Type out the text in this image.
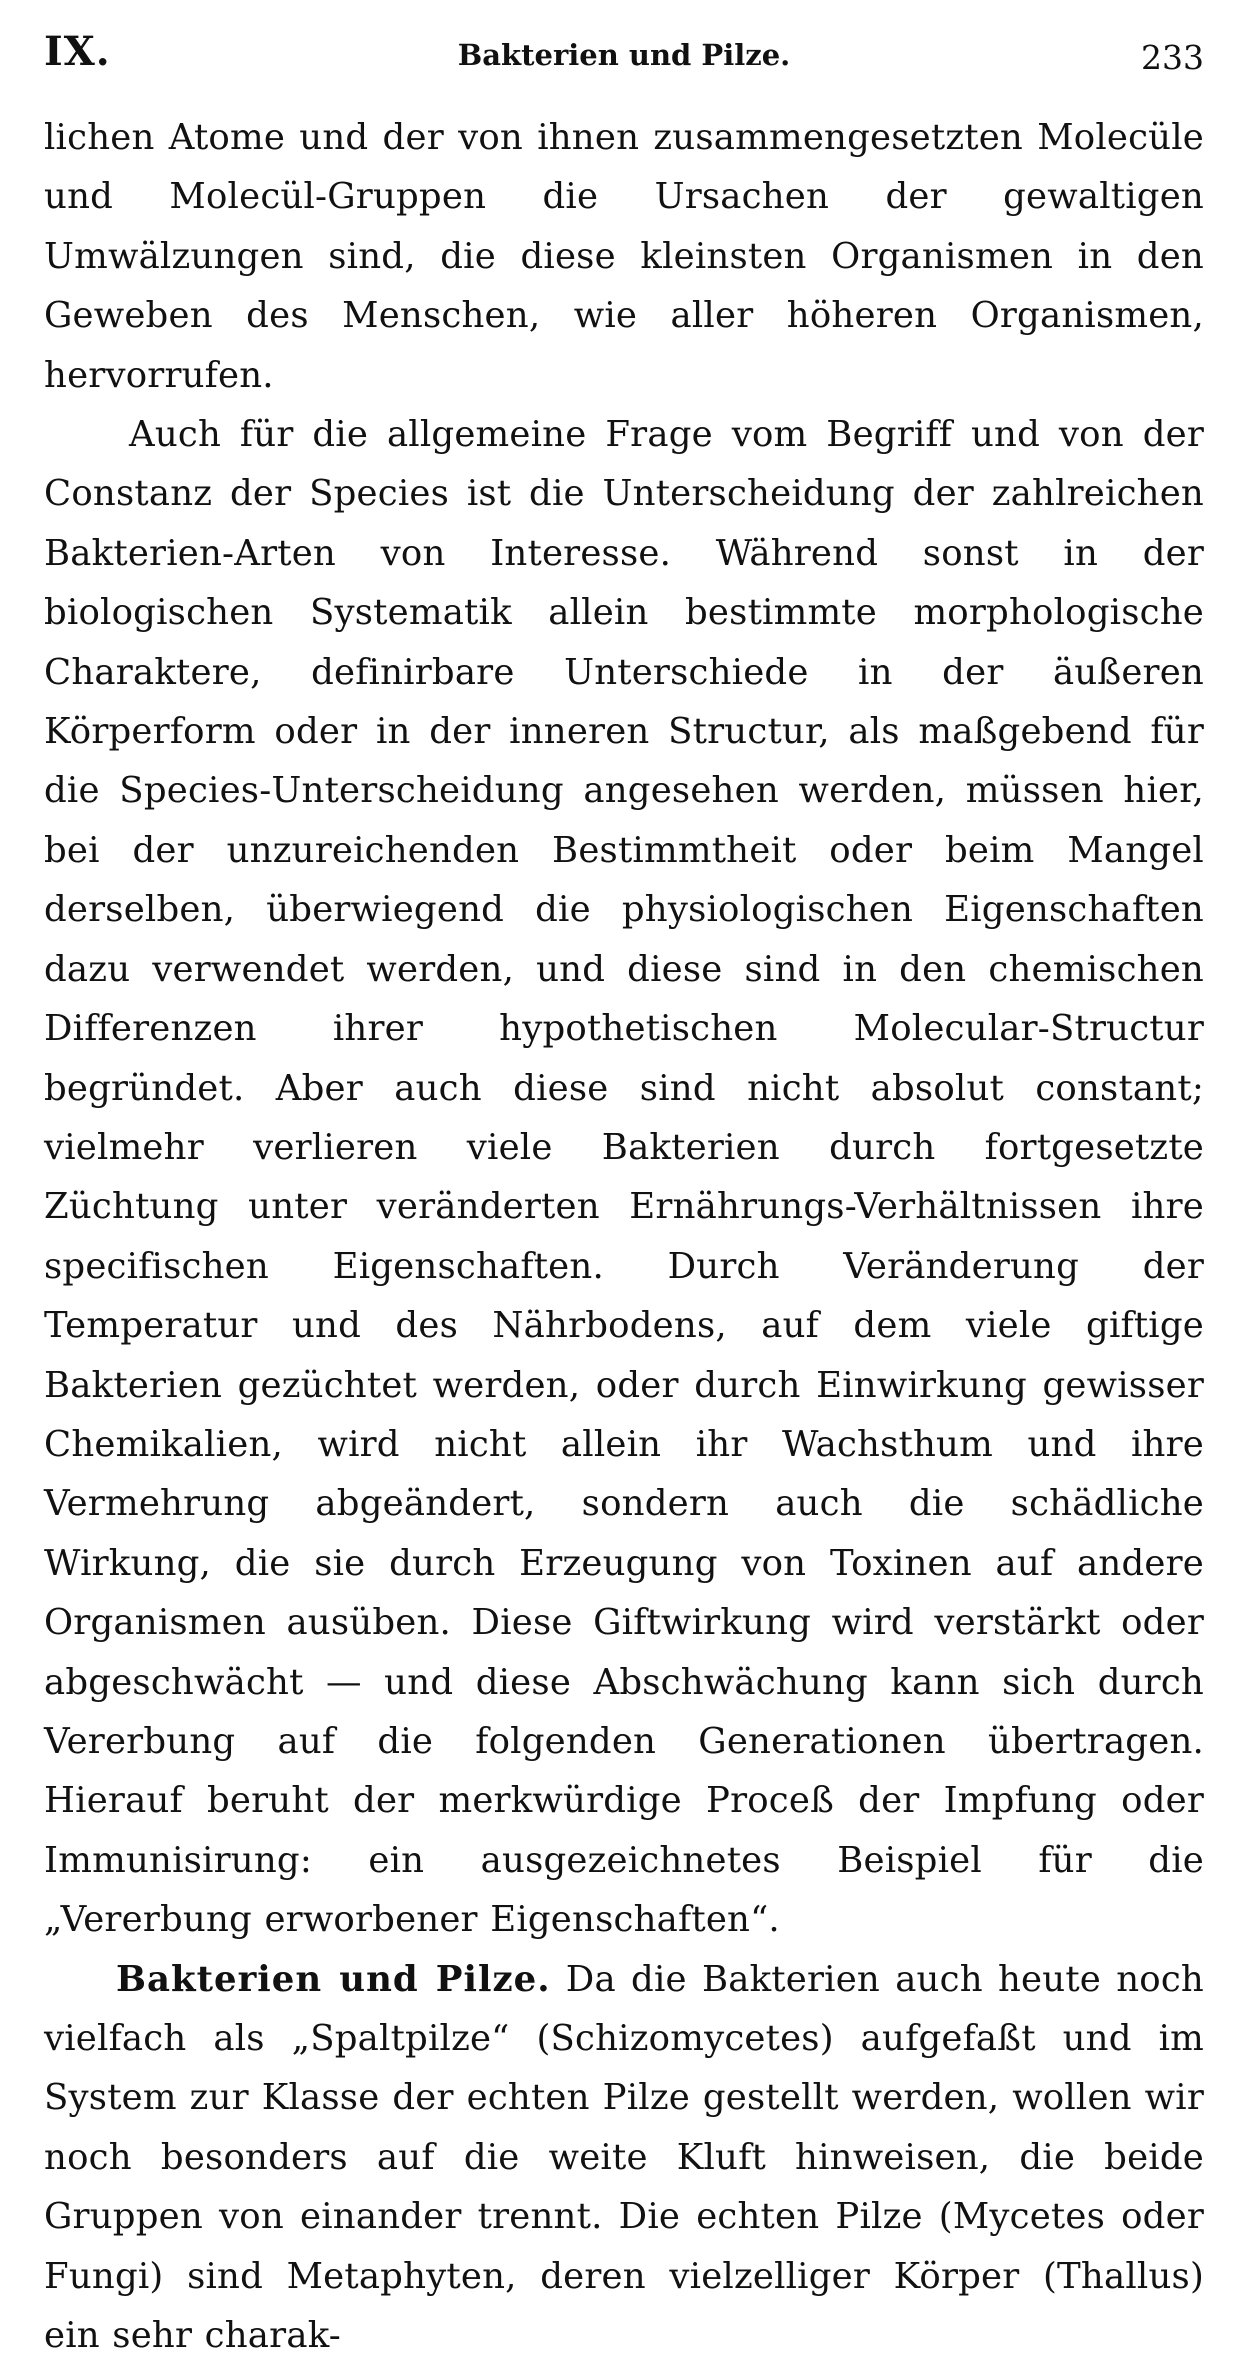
IX.	Bakterien und Pilze.	233

lichen Atome und der von ihnen zusammengesetzten Molecüle und Molecül-Gruppen die Ursachen der gewaltigen Umwälzungen sind, die diese kleinsten Organismen in den Geweben des Menschen, wie aller höheren Organismen, hervorrufen.

Auch für die allgemeine Frage vom Begriff und von der Constanz der Species ist die Unterscheidung der zahlreichen Bakterien-Arten von Interesse. Während sonst in der biologischen Systematik allein bestimmte morphologische Charaktere, definirbare Unterschiede in der äußeren Körperform oder in der inneren Structur, als maßgebend für die Species-Unterscheidung angesehen werden, müssen hier, bei der unzureichenden Bestimmtheit oder beim Mangel derselben, überwiegend die physiologischen Eigenschaften dazu verwendet werden, und diese sind in den chemischen Differenzen ihrer hypothetischen Molecular-Structur begründet. Aber auch diese sind nicht absolut constant; vielmehr verlieren viele Bakterien durch fortgesetzte Züchtung unter veränderten Ernährungs-Verhältnissen ihre specifischen Eigenschaften. Durch Veränderung der Temperatur und des Nährbodens, auf dem viele giftige Bakterien gezüchtet werden, oder durch Einwirkung gewisser Chemikalien, wird nicht allein ihr Wachsthum und ihre Vermehrung abgeändert, sondern auch die schädliche Wirkung, die sie durch Erzeugung von Toxinen auf andere Organismen ausüben. Diese Giftwirkung wird verstärkt oder abgeschwächt — und diese Abschwächung kann sich durch Vererbung auf die folgenden Generationen übertragen. Hierauf beruht der merkwürdige Proceß der Impfung oder Immunisirung: ein ausgezeichnetes Beispiel für die „Vererbung erworbener Eigenschaften“.

Bakterien und Pilze. Da die Bakterien auch heute noch vielfach als „Spaltpilze“ (Schizomycetes) aufgefaßt und im System zur Klasse der echten Pilze gestellt werden, wollen wir noch besonders auf die weite Kluft hinweisen, die beide Gruppen von einander trennt. Die echten Pilze (Mycetes oder Fungi) sind Metaphyten, deren vielzelliger Körper (Thallus) ein sehr charak-
